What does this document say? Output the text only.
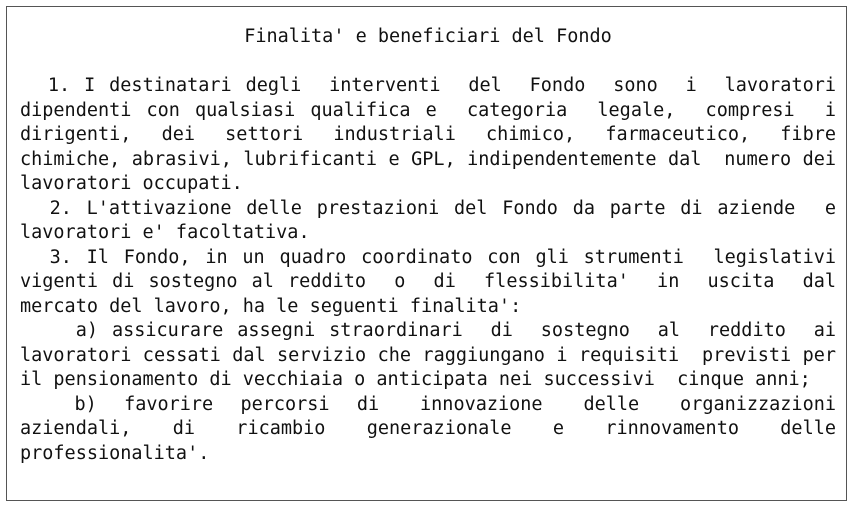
Finalita' e beneficiari del Fondo

1. I destinatari degli  interventi  del  Fondo  sono  i  lavoratori dipendenti con qualsiasi qualifica e  categoria  legale,  compresi  i dirigenti,  dei  settori  industriali  chimico,  farmaceutico,  fibre chimiche, abrasivi, lubrificanti e GPL, indipendentemente dal  numero dei lavoratori occupati.

2. L'attivazione delle prestazioni del Fondo da parte di aziende  e lavoratori e' facoltativa.

3. Il Fondo, in un quadro coordinato con gli strumenti  legislativi vigenti di sostegno al reddito  o  di  flessibilita'  in  uscita  dal mercato del lavoro, ha le seguenti finalita':

a) assicurare assegni straordinari  di  sostegno  al  reddito  ai lavoratori cessati dal servizio che raggiungano i requisiti  previsti per il pensionamento di vecchiaia o anticipata nei successivi  cinque anni;

b)  favorire  percorsi  di   innovazione   delle   organizzazioni aziendali,  di  ricambio  generazionale  e  rinnovamento  delle professionalita'.
